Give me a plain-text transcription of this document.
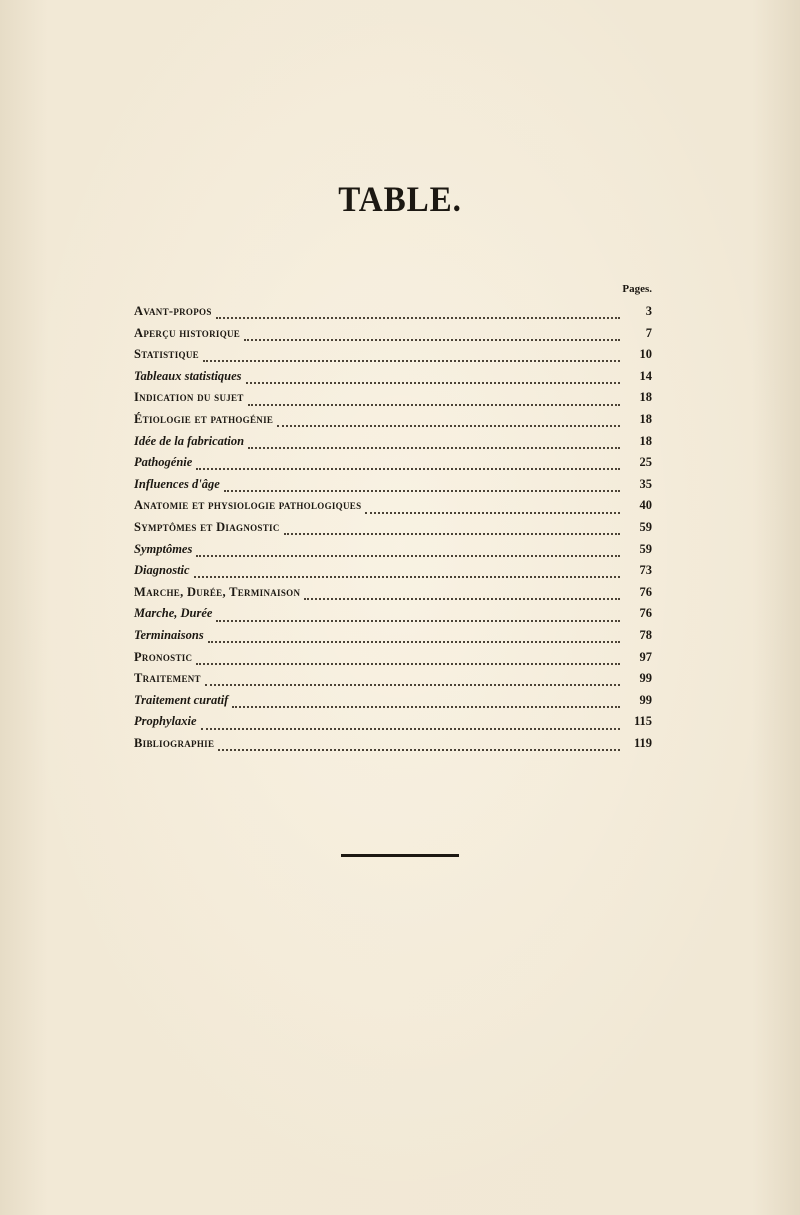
TABLE.
Pages.
Avant-propos	3
Aperçu historique	7
Statistique	10
Tableaux statistiques	14
Indication du sujet	18
Étiologie et pathogénie	18
Idée de la fabrication	18
Pathogénie	25
Influences d'âge	35
Anatomie et physiologie pathologiques	40
Symptômes et Diagnostic	59
Symptômes	59
Diagnostic	73
Marche, Durée, Terminaison	76
Marche, Durée	76
Terminaisons	78
Pronostic	97
Traitement	99
Traitement curatif	99
Prophylaxie	115
Bibliographie	119
